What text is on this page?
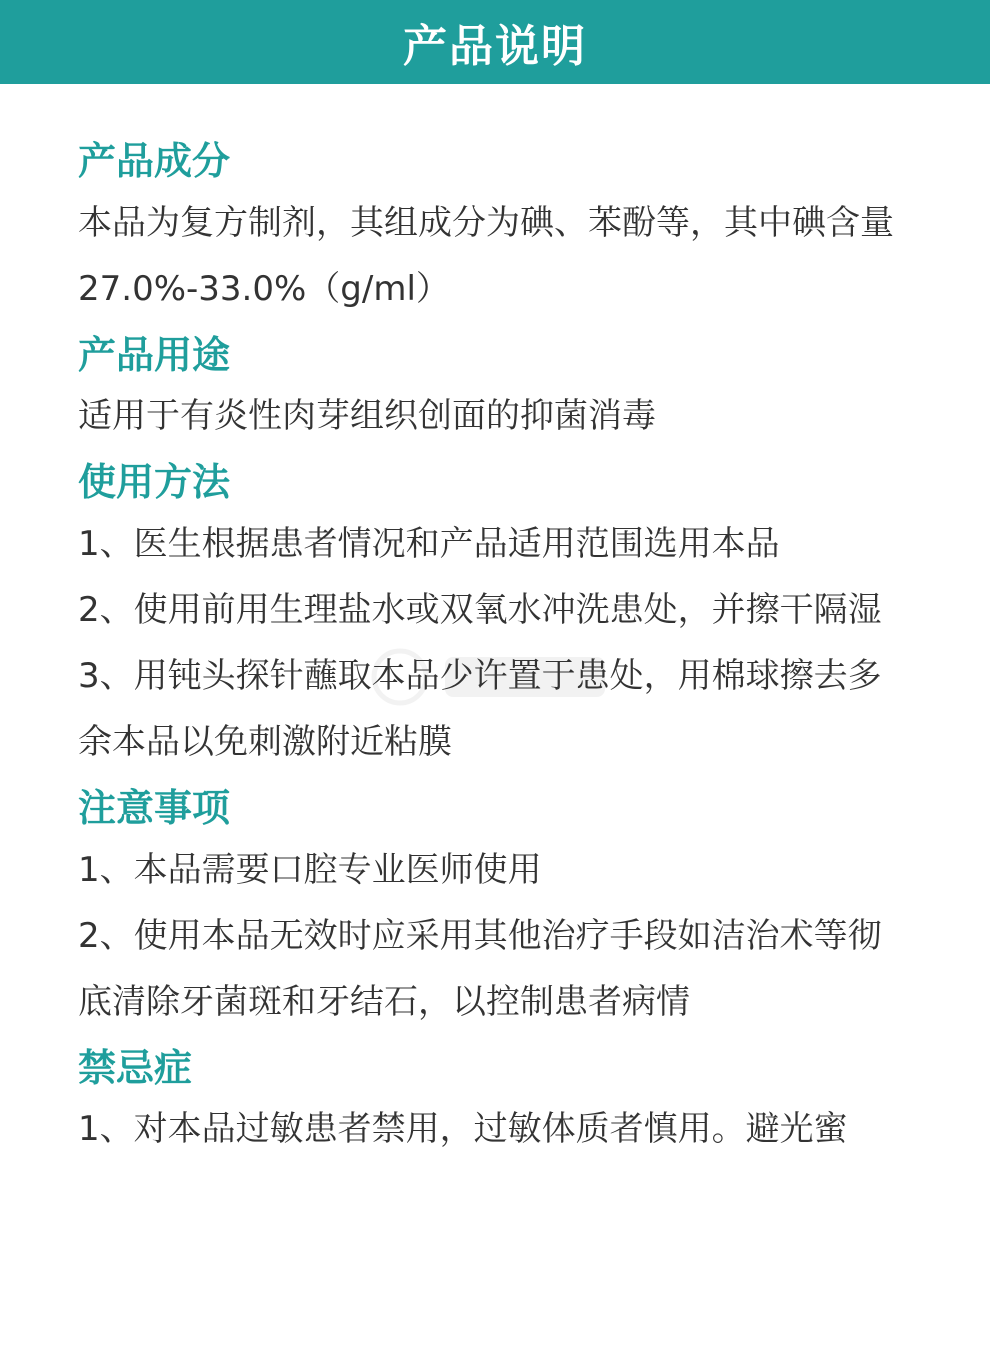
产品说明
产品成分

本品为复方制剂，其组成分为碘、苯酚等，其中碘含量27.0%-33.0%（g/ml）

产品用途

适用于有炎性肉芽组织创面的抑菌消毒

使用方法

1、医生根据患者情况和产品适用范围选用本品

2、使用前用生理盐水或双氧水冲洗患处，并擦干隔湿

3、用钝头探针蘸取本品少许置于患处，用棉球擦去多余本品以免刺激附近粘膜

注意事项

1、本品需要口腔专业医师使用

2、使用本品无效时应采用其他治疗手段如洁治术等彻底清除牙菌斑和牙结石，以控制患者病情

禁忌症

1、对本品过敏患者禁用，过敏体质者慎用。避光蜜
